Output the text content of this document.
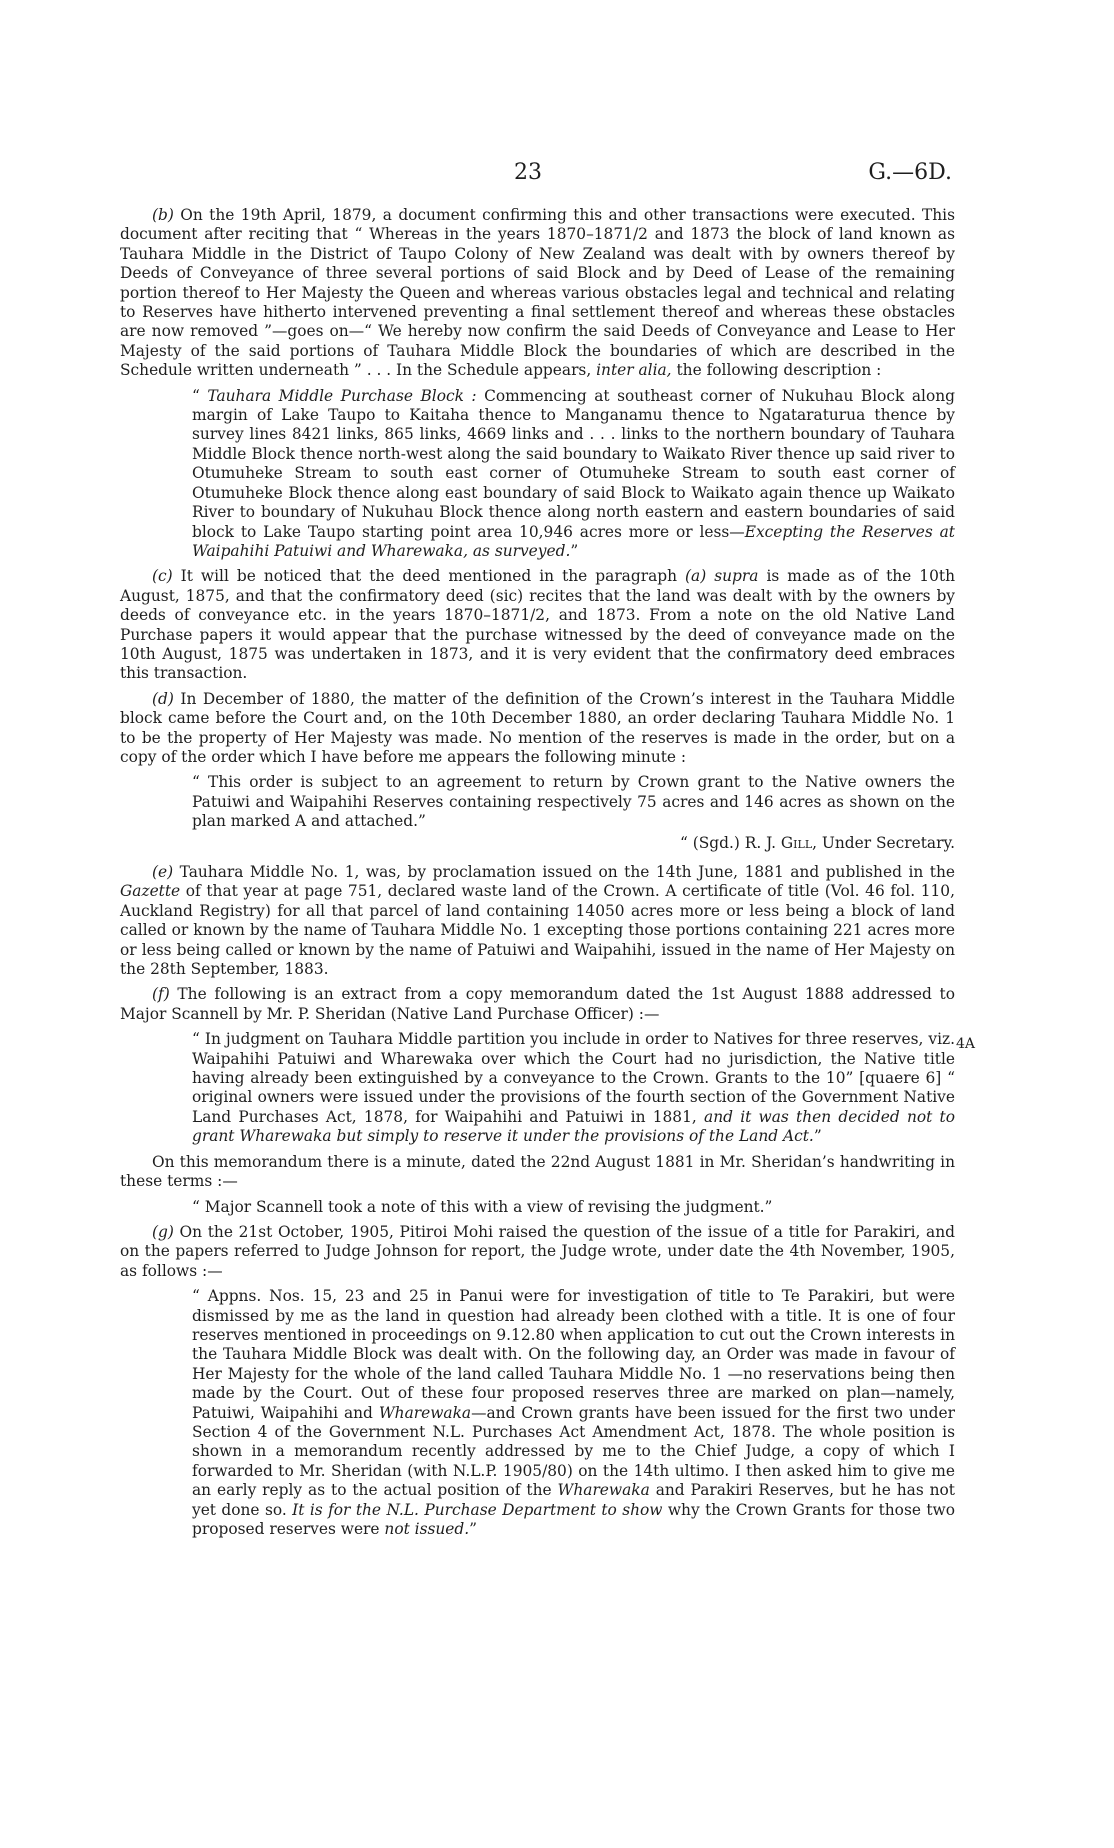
23	G.—6D.

(b) On the 19th April, 1879, a document confirming this and other transactions were executed. This document after reciting that “ Whereas in the years 1870–1871/2 and 1873 the block of land known as Tauhara Middle in the District of Taupo Colony of New Zealand was dealt with by owners thereof by Deeds of Conveyance of three several portions of said Block and by Deed of Lease of the remaining portion thereof to Her Majesty the Queen and whereas various obstacles legal and technical and relating to Reserves have hitherto intervened preventing a final settlement thereof and whereas these obstacles are now removed ”—goes on—“ We hereby now confirm the said Deeds of Conveyance and Lease to Her Majesty of the said portions of Tauhara Middle Block the boundaries of which are described in the Schedule written underneath ” . . . In the Schedule appears, inter alia, the following description :

“ Tauhara Middle Purchase Block : Commencing at southeast corner of Nukuhau Block along margin of Lake Taupo to Kaitaha thence to Manganamu thence to Ngataraturua thence by survey lines 8421 links, 865 links, 4669 links and . . . links to the northern boundary of Tauhara Middle Block thence north-west along the said boundary to Waikato River thence up said river to Otumuheke Stream to south east corner of Otumuheke Stream to south east corner of Otumuheke Block thence along east boundary of said Block to Waikato again thence up Waikato River to boundary of Nukuhau Block thence along north eastern and eastern boundaries of said block to Lake Taupo starting point area 10,946 acres more or less—Excepting the Reserves at Waipahihi Patuiwi and Wharewaka, as surveyed.”

(c) It will be noticed that the deed mentioned in the paragraph (a) supra is made as of the 10th August, 1875, and that the confirmatory deed (sic) recites that the land was dealt with by the owners by deeds of conveyance etc. in the years 1870–1871/2, and 1873. From a note on the old Native Land Purchase papers it would appear that the purchase witnessed by the deed of conveyance made on the 10th August, 1875 was undertaken in 1873, and it is very evident that the confirmatory deed embraces this transaction.

(d) In December of 1880, the matter of the definition of the Crown’s interest in the Tauhara Middle block came before the Court and, on the 10th December 1880, an order declaring Tauhara Middle No. 1 to be the property of Her Majesty was made. No mention of the reserves is made in the order, but on a copy of the order which I have before me appears the following minute :

“ This order is subject to an agreement to return by Crown grant to the Native owners the Patuiwi and Waipahihi Reserves containing respectively 75 acres and 146 acres as shown on the plan marked A and attached.”
“ (Sgd.) R. J. Gill, Under Secretary.

(e) Tauhara Middle No. 1, was, by proclamation issued on the 14th June, 1881 and published in the Gazette of that year at page 751, declared waste land of the Crown. A certificate of title (Vol. 46 fol. 110, Auckland Registry) for all that parcel of land containing 14050 acres more or less being a block of land called or known by the name of Tauhara Middle No. 1 excepting those portions containing 221 acres more or less being called or known by the name of Patuiwi and Waipahihi, issued in the name of Her Majesty on the 28th September, 1883.

(f) The following is an extract from a copy memorandum dated the 1st August 1888 addressed to Major Scannell by Mr. P. Sheridan (Native Land Purchase Officer) :—

“ In judgment on Tauhara Middle partition you include in order to Natives for three reserves, viz. Waipahihi Patuiwi and Wharewaka over which the Court had no jurisdiction, the Native title having already been extinguished by a conveyance to the Crown. Grants to the 10” [quaere 6] “ original owners were issued under the provisions of the fourth section of the Government Native Land Purchases Act, 1878, for Waipahihi and Patuiwi in 1881, and it was then decided not to grant Wharewaka but simply to reserve it under the provisions of the Land Act.”

On this memorandum there is a minute, dated the 22nd August 1881 in Mr. Sheridan’s handwriting in these terms :—

“ Major Scannell took a note of this with a view of revising the judgment.”

(g) On the 21st October, 1905, Pitiroi Mohi raised the question of the issue of a title for Parakiri, and on the papers referred to Judge Johnson for report, the Judge wrote, under date the 4th November, 1905, as follows :—

“ Appns. Nos. 15, 23 and 25 in Panui were for investigation of title to Te Parakiri, but were dismissed by me as the land in question had already been clothed with a title. It is one of four reserves mentioned in proceedings on 9.12.80 when application to cut out the Crown interests in the Tauhara Middle Block was dealt with. On the following day, an Order was made in favour of Her Majesty for the whole of the land called Tauhara Middle No. 1 —no reservations being then made by the Court. Out of these four proposed reserves three are marked on plan—namely, Patuiwi, Waipahihi and Wharewaka—and Crown grants have been issued for the first two under Section 4 of the Government N.L. Purchases Act Amendment Act, 1878. The whole position is shown in a memorandum recently addressed by me to the Chief Judge, a copy of which I forwarded to Mr. Sheridan (with N.L.P. 1905/80) on the 14th ultimo. I then asked him to give me an early reply as to the actual position of the Wharewaka and Parakiri Reserves, but he has not yet done so. It is for the N.L. Purchase Department to show why the Crown Grants for those two proposed reserves were not issued.”
4A
